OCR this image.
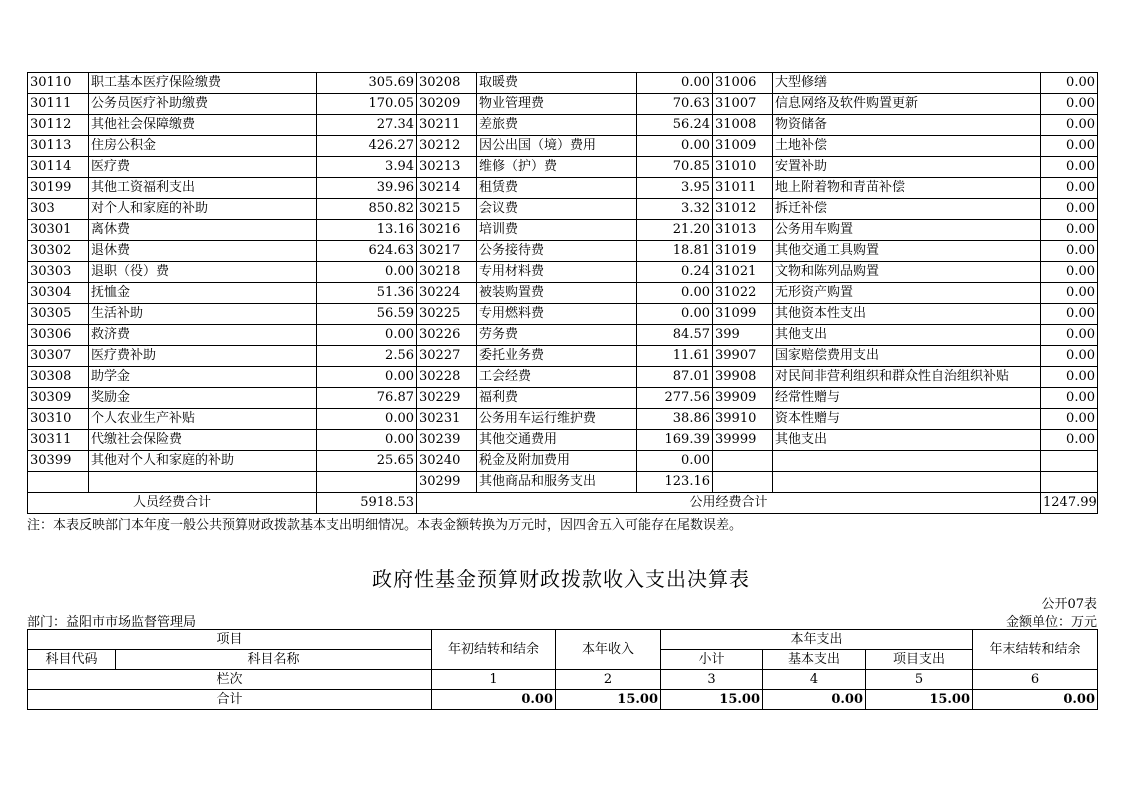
30110	职工基本医疗保险缴费	305.69	30208	取暖费	0.00	31006	大型修缮	0.00
30111	公务员医疗补助缴费	170.05	30209	物业管理费	70.63	31007	信息网络及软件购置更新	0.00
30112	其他社会保障缴费	27.34	30211	差旅费	56.24	31008	物资储备	0.00
30113	住房公积金	426.27	30212	因公出国（境）费用	0.00	31009	土地补偿	0.00
30114	医疗费	3.94	30213	维修（护）费	70.85	31010	安置补助	0.00
30199	其他工资福利支出	39.96	30214	租赁费	3.95	31011	地上附着物和青苗补偿	0.00
303	对个人和家庭的补助	850.82	30215	会议费	3.32	31012	拆迁补偿	0.00
30301	离休费	13.16	30216	培训费	21.20	31013	公务用车购置	0.00
30302	退休费	624.63	30217	公务接待费	18.81	31019	其他交通工具购置	0.00
30303	退职（役）费	0.00	30218	专用材料费	0.24	31021	文物和陈列品购置	0.00
30304	抚恤金	51.36	30224	被装购置费	0.00	31022	无形资产购置	0.00
30305	生活补助	56.59	30225	专用燃料费	0.00	31099	其他资本性支出	0.00
30306	救济费	0.00	30226	劳务费	84.57	399	其他支出	0.00
30307	医疗费补助	2.56	30227	委托业务费	11.61	39907	国家赔偿费用支出	0.00
30308	助学金	0.00	30228	工会经费	87.01	39908	对民间非营利组织和群众性自治组织补贴	0.00
30309	奖励金	76.87	30229	福利费	277.56	39909	经常性赠与	0.00
30310	个人农业生产补贴	0.00	30231	公务用车运行维护费	38.86	39910	资本性赠与	0.00
30311	代缴社会保险费	0.00	30239	其他交通费用	169.39	39999	其他支出	0.00
30399	其他对个人和家庭的补助	25.65	30240	税金及附加费用	0.00			
			30299	其他商品和服务支出	123.16			
人员经费合计		5918.53	公用经费合计					1247.99
注：本表反映部门本年度一般公共预算财政拨款基本支出明细情况。本表金额转换为万元时，因四舍五入可能存在尾数误差。
政府性基金预算财政拨款收入支出决算表
公开07表
部门：益阳市市场监督管理局	金额单位：万元
项目		年初结转和结余	本年收入	本年支出			年末结转和结余
科目代码	科目名称			小计	基本支出	项目支出	
栏次		1	2	3	4	5	6
合计		0.00	15.00	15.00	0.00	15.00	0.00
